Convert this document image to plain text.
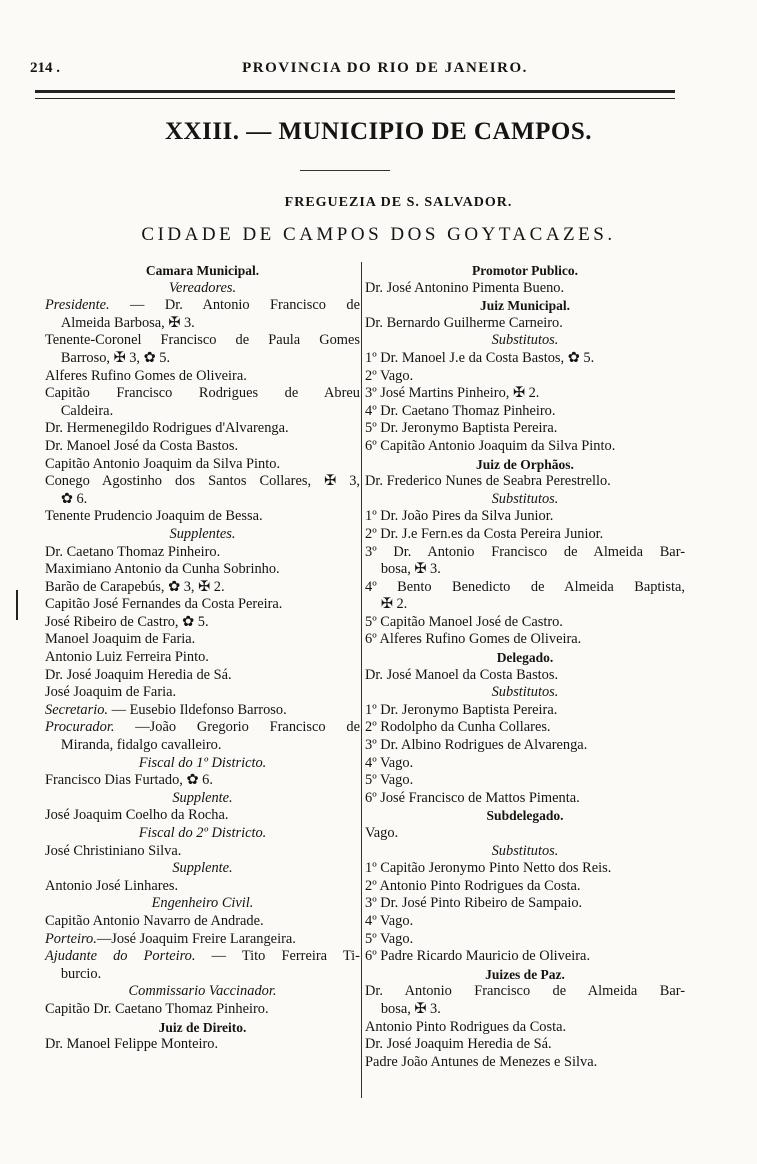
214 .	PROVINCIA DO RIO DE JANEIRO.
XXIII. — MUNICIPIO DE CAMPOS.
FREGUEZIA DE S. SALVADOR.
CIDADE DE CAMPOS DOS GOYTACAZES.
Camara Municipal.
Vereadores.
Presidente. — Dr. Antonio Francisco de
Almeida Barbosa, ✠ 3.
Tenente-Coronel Francisco de Paula Gomes
Barroso, ✠ 3, ✿ 5.
Alferes Rufino Gomes de Oliveira.
Capitão Francisco Rodrigues de Abreu
Caldeira.
Dr. Hermenegildo Rodrigues d'Alvarenga.
Dr. Manoel José da Costa Bastos.
Capitão Antonio Joaquim da Silva Pinto.
Conego Agostinho dos Santos Collares, ✠ 3,
✿ 6.
Tenente Prudencio Joaquim de Bessa.
Supplentes.
Dr. Caetano Thomaz Pinheiro.
Maximiano Antonio da Cunha Sobrinho.
Barão de Carapebús, ✿ 3, ✠ 2.
Capitão José Fernandes da Costa Pereira.
José Ribeiro de Castro, ✿ 5.
Manoel Joaquim de Faria.
Antonio Luiz Ferreira Pinto.
Dr. José Joaquim Heredia de Sá.
José Joaquim de Faria.
Secretario. — Eusebio Ildefonso Barroso.
Procurador. —João Gregorio Francisco de
Miranda, fidalgo cavalleiro.
Fiscal do 1º Districto.
Francisco Dias Furtado, ✿ 6.
Supplente.
José Joaquim Coelho da Rocha.
Fiscal do 2º Districto.
José Christiniano Silva.
Supplente.
Antonio José Linhares.
Engenheiro Civil.
Capitão Antonio Navarro de Andrade.
Porteiro.—José Joaquim Freire Larangeira.
Ajudante do Porteiro. — Tito Ferreira Ti-
burcio.
Commissario Vaccinador.
Capitão Dr. Caetano Thomaz Pinheiro.
Juiz de Direito.
Dr. Manoel Felippe Monteiro.
Promotor Publico.
Dr. José Antonino Pimenta Bueno.
Juiz Municipal.
Dr. Bernardo Guilherme Carneiro.
Substitutos.
1º Dr. Manoel J.e da Costa Bastos, ✿ 5.
2º Vago.
3º José Martins Pinheiro, ✠ 2.
4º Dr. Caetano Thomaz Pinheiro.
5º Dr. Jeronymo Baptista Pereira.
6º Capitão Antonio Joaquim da Silva Pinto.
Juiz de Orphãos.
Dr. Frederico Nunes de Seabra Perestrello.
Substitutos.
1º Dr. João Pires da Silva Junior.
2º Dr. J.e Fern.es da Costa Pereira Junior.
3º Dr. Antonio Francisco de Almeida Bar-
bosa, ✠ 3.
4º Bento Benedicto de Almeida Baptista,
✠ 2.
5º Capitão Manoel José de Castro.
6º Alferes Rufino Gomes de Oliveira.
Delegado.
Dr. José Manoel da Costa Bastos.
Substitutos.
1º Dr. Jeronymo Baptista Pereira.
2º Rodolpho da Cunha Collares.
3º Dr. Albino Rodrigues de Alvarenga.
4º Vago.
5º Vago.
6º José Francisco de Mattos Pimenta.
Subdelegado.
Vago.
Substitutos.
1º Capitão Jeronymo Pinto Netto dos Reis.
2º Antonio Pinto Rodrigues da Costa.
3º Dr. José Pinto Ribeiro de Sampaio.
4º Vago.
5º Vago.
6º Padre Ricardo Mauricio de Oliveira.
Juizes de Paz.
Dr. Antonio Francisco de Almeida Bar-
bosa, ✠ 3.
Antonio Pinto Rodrigues da Costa.
Dr. José Joaquim Heredia de Sá.
Padre João Antunes de Menezes e Silva.
